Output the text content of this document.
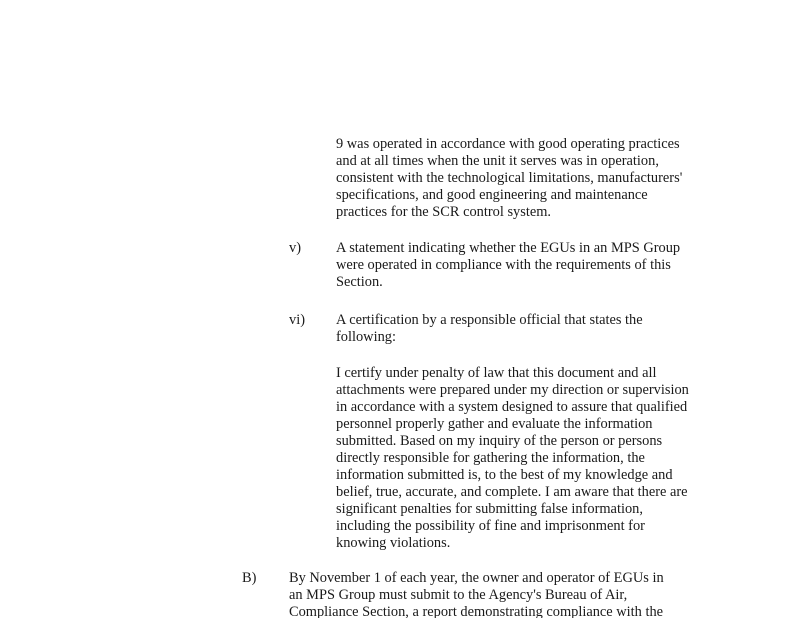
9 was operated in accordance with good operating practices
and at all times when the unit it serves was in operation,
consistent with the technological limitations, manufacturers'
specifications, and good engineering and maintenance
practices for the SCR control system.
v) A statement indicating whether the EGUs in an MPS Group
were operated in compliance with the requirements of this
Section.
vi) A certification by a responsible official that states the
following:
I certify under penalty of law that this document and all
attachments were prepared under my direction or supervision
in accordance with a system designed to assure that qualified
personnel properly gather and evaluate the information
submitted. Based on my inquiry of the person or persons
directly responsible for gathering the information, the
information submitted is, to the best of my knowledge and
belief, true, accurate, and complete. I am aware that there are
significant penalties for submitting false information,
including the possibility of fine and imprisonment for
knowing violations.
B) By November 1 of each year, the owner and operator of EGUs in
an MPS Group must submit to the Agency's Bureau of Air,
Compliance Section, a report demonstrating compliance with the
